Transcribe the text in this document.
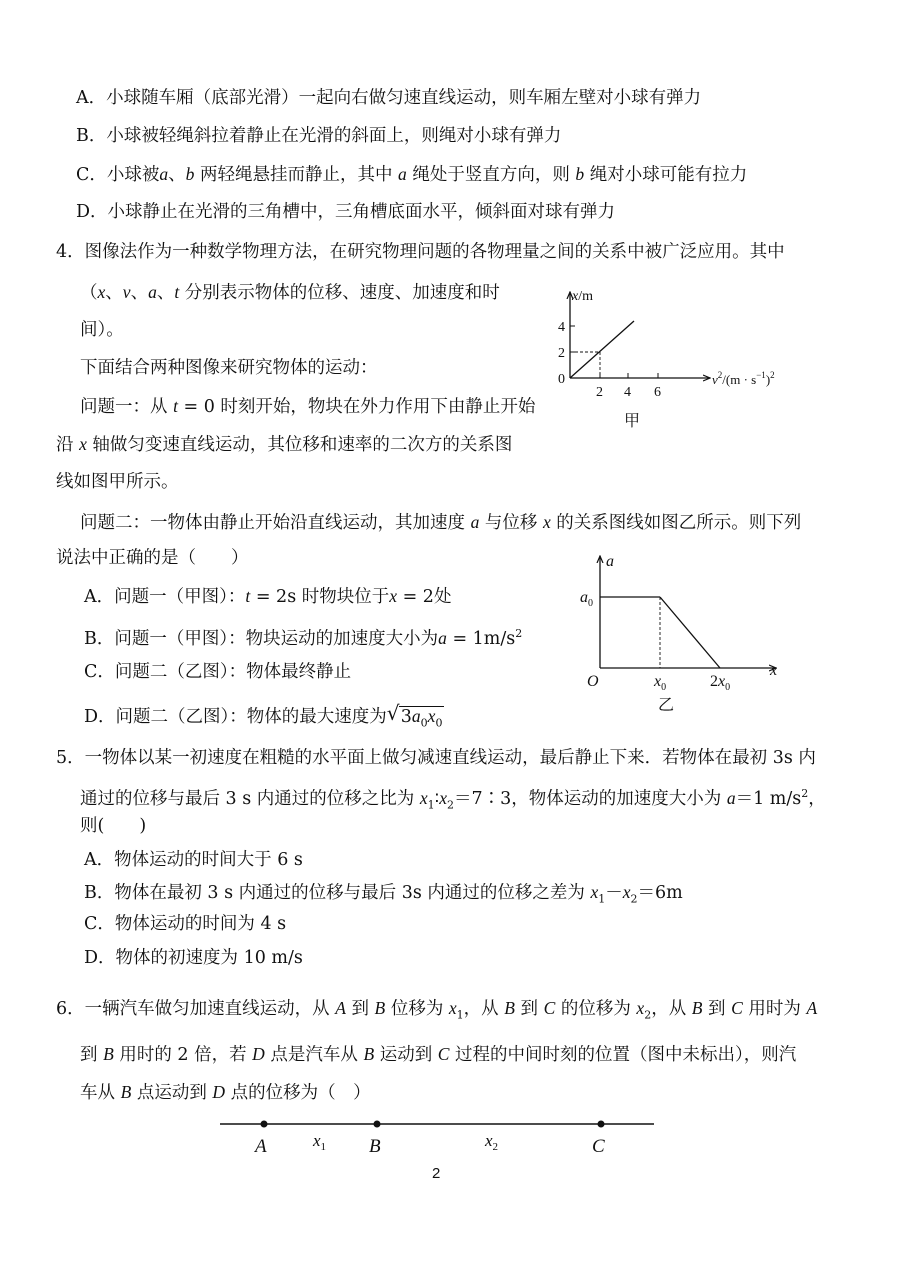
A．小球随车厢（底部光滑）一起向右做匀速直线运动，则车厢左壁对小球有弹力
B．小球被轻绳斜拉着静止在光滑的斜面上，则绳对小球有弹力
C．小球被a、b 两轻绳悬挂而静止，其中 a 绳处于竖直方向，则 b 绳对小球可能有拉力
D．小球静止在光滑的三角槽中，三角槽底面水平，倾斜面对球有弹力
4．图像法作为一种数学物理方法，在研究物理问题的各物理量之间的关系中被广泛应用。其中
（x、v、a、t 分别表示物体的位移、速度、加速度和时
间）。
下面结合两种图像来研究物体的运动：
问题一：从 t = 0 时刻开始，物块在外力作用下由静止开始
沿 x 轴做匀变速直线运动，其位移和速率的二次方的关系图
线如图甲所示。
x/m
$v^2/(m \cdot s^{-1})^2$
0
4
2
2 4 6
甲
问题二：一物体由静止开始沿直线运动，其加速度 a 与位移 x 的关系图线如图乙所示。则下列
说法中正确的是（　　）
A．问题一（甲图）：t = 2s 时物块位于x = 2处
B．问题一（甲图）：物块运动的加速度大小为$a = 1m/s^2$
C．问题二（乙图）：物体最终静止
D．问题二（乙图）：物体的最大速度为 √ $3a_0x_0$
a
x
O
$a_0$
$x_0$	$2x_0$
乙
5．一物体以某一初速度在粗糙的水平面上做匀减速直线运动，最后静止下来．若物体在最初 3s 内
通过的位移与最后 3 s 内通过的位移之比为 $x_1∶x_2=7∶3$，物体运动的加速度大小为 a＝1 $m/s^2$，
则(　　)
A．物体运动的时间大于 6 s
B．物体在最初 3 s 内通过的位移与最后 3s 内通过的位移之差为 $x_1-x_2=6m$
C．物体运动的时间为 4 s
D．物体的初速度为 10 m/s
6．一辆汽车做匀加速直线运动，从 A 到 B 位移为 $x_1$，从 B 到 C 的位移为 $x_2$，从 B 到 C 用时为 A
到 B 用时的 2 倍，若 D 点是汽车从 B 运动到 C 过程的中间时刻的位置（图中未标出），则汽
车从 B 点运动到 D 点的位移为（　）
A	B	C
$x_1$	$x_2$
2
